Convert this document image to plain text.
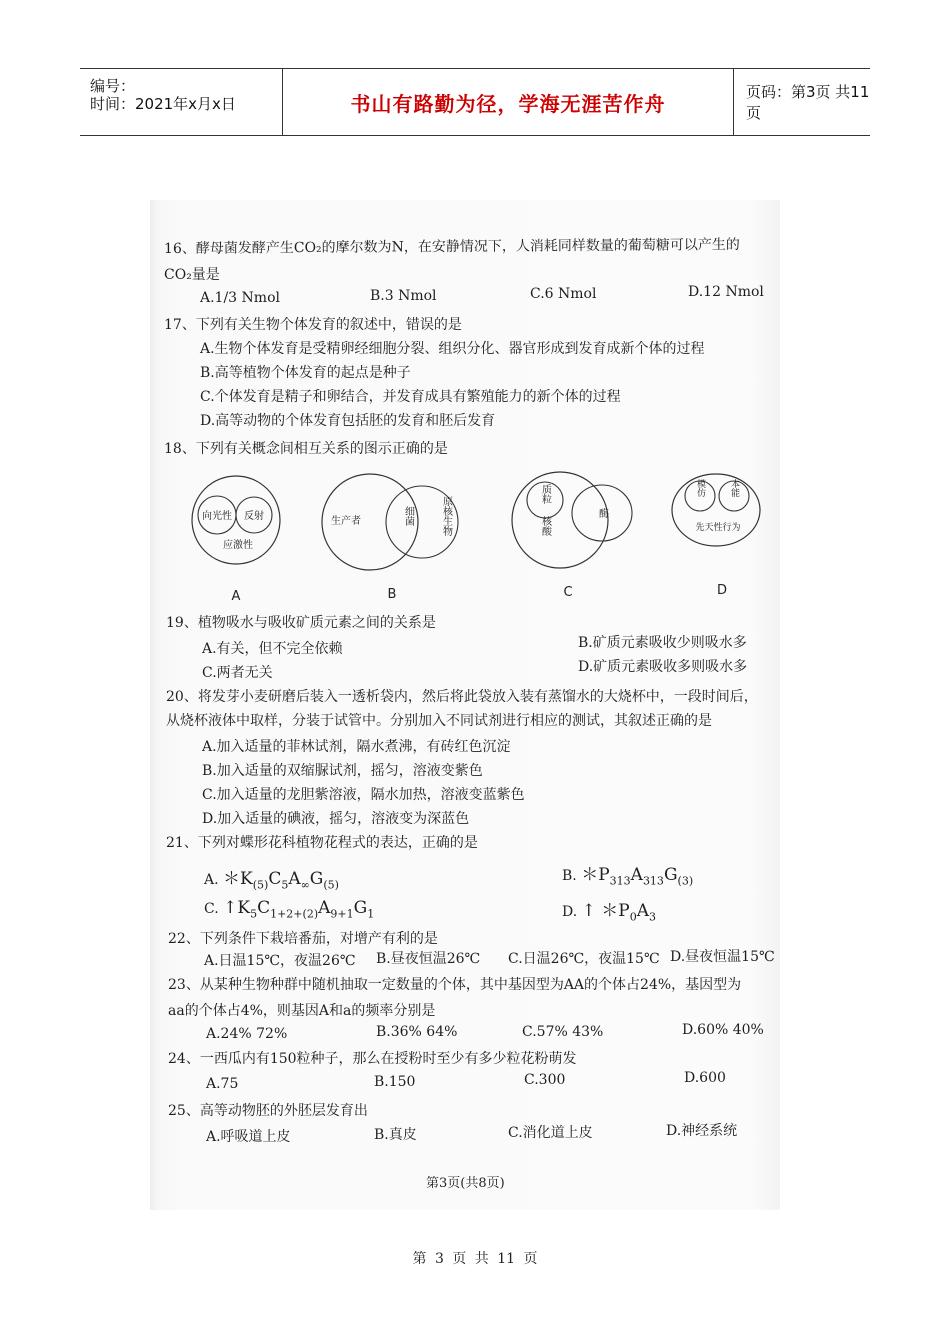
编号：
时间：2021年x月x日	书山有路勤为径，学海无涯苦作舟	页码：第3页 共11页
16、酵母菌发酵产生CO₂的摩尔数为N，在安静情况下，人消耗同样数量的葡萄糖可以产生的
CO₂量是
A.1/3 Nmol	B.3 Nmol	C.6 Nmol	D.12 Nmol
17、下列有关生物个体发育的叙述中，错误的是
A.生物个体发育是受精卵经细胞分裂、组织分化、器官形成到发育成新个体的过程
B.高等植物个体发育的起点是种子
C.个体发育是精子和卵结合，并发育成具有繁殖能力的新个体的过程
D.高等动物的个体发育包括胚的发育和胚后发育
18、下列有关概念间相互关系的图示正确的是
向光性 反射
应激性
生产者	细菌	原核生物
质粒
核酸
酶
模仿	本能
先天性行为
A	B	C	D
19、植物吸水与吸收矿质元素之间的关系是
A.有关，但不完全依赖	B.矿质元素吸收少则吸水多
C.两者无关	D.矿质元素吸收多则吸水多
20、将发芽小麦研磨后装入一透析袋内，然后将此袋放入装有蒸馏水的大烧杯中，一段时间后，
从烧杯液体中取样，分装于试管中。分别加入不同试剂进行相应的测试，其叙述正确的是
A.加入适量的菲林试剂，隔水煮沸，有砖红色沉淀
B.加入适量的双缩脲试剂，摇匀，溶液变紫色
C.加入适量的龙胆紫溶液，隔水加热，溶液变蓝紫色
D.加入适量的碘液，摇匀，溶液变为深蓝色
21、下列对蝶形花科植物花程式的表达，正确的是
A. $*K_{(5)}C_5A_\infty G_{(5)}$
B. $*P_{313}A_{313}G_{(3)}$
C. $↑K_5C_{1+2+(2)}A_{9+1}G_1$	D. ↑ $*P_0A_3$
22、下列条件下栽培番茄，对增产有利的是
A.日温15℃，夜温26℃ B.昼夜恒温26℃ C.日温26℃，夜温15℃ D.昼夜恒温15℃
23、从某种生物种群中随机抽取一定数量的个体，其中基因型为AA的个体占24%，基因型为
aa的个体占4%，则基因A和a的频率分别是
A.24% 72%	B.36% 64%	C.57% 43%	D.60% 40%
24、一西瓜内有150粒种子，那么在授粉时至少有多少粒花粉萌发
A.75	B.150	C.300	D.600
25、高等动物胚的外胚层发育出
A.呼吸道上皮	B.真皮	C.消化道上皮	D.神经系统
第3页(共8页)
第 3 页 共 11 页
